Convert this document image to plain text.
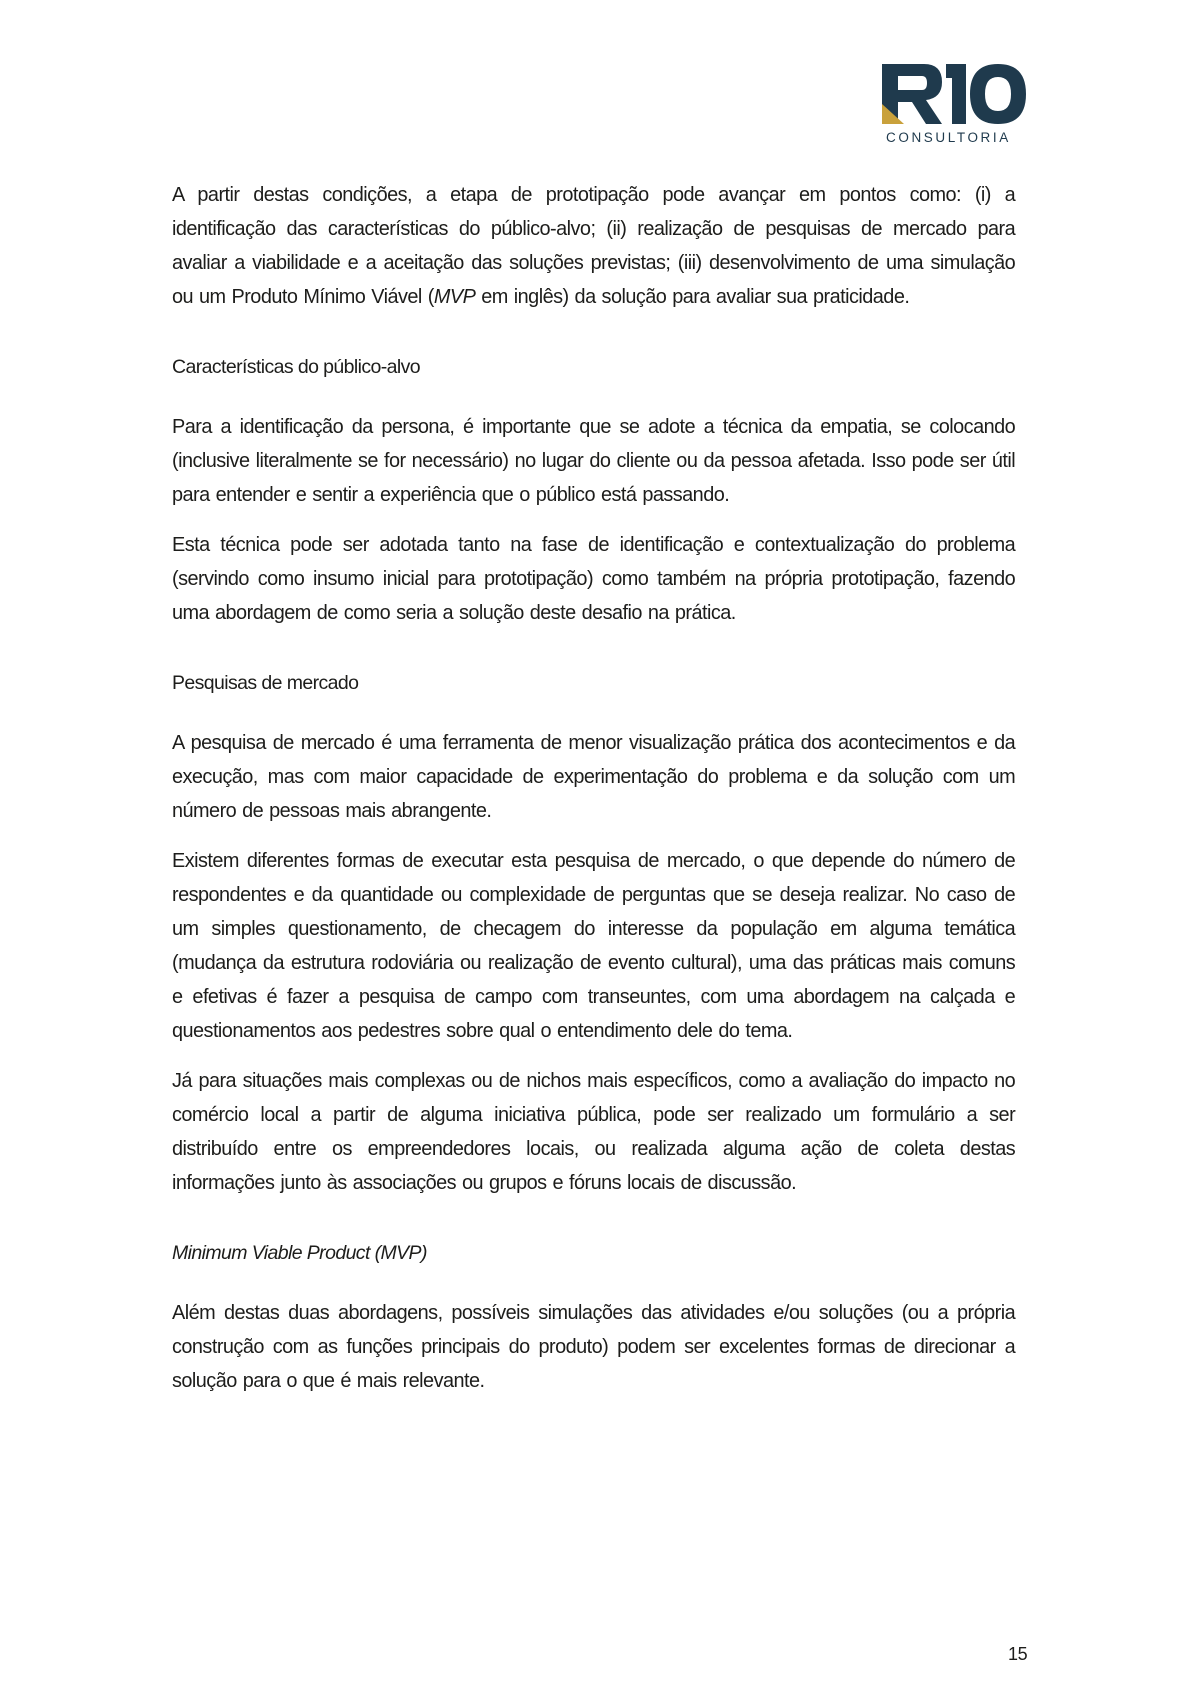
CONSULTORIA

A partir destas condições, a etapa de prototipação pode avançar em pontos como: (i) a identificação das características do público-alvo; (ii) realização de pesquisas de mercado para avaliar a viabilidade e a aceitação das soluções previstas; (iii) desenvolvimento de uma simulação ou um Produto Mínimo Viável (MVP em inglês) da solução para avaliar sua praticidade.

Características do público-alvo

Para a identificação da persona, é importante que se adote a técnica da empatia, se colocando (inclusive literalmente se for necessário) no lugar do cliente ou da pessoa afetada. Isso pode ser útil para entender e sentir a experiência que o público está passando.

Esta técnica pode ser adotada tanto na fase de identificação e contextualização do problema (servindo como insumo inicial para prototipação) como também na própria prototipação, fazendo uma abordagem de como seria a solução deste desafio na prática.

Pesquisas de mercado

A pesquisa de mercado é uma ferramenta de menor visualização prática dos acontecimentos e da execução, mas com maior capacidade de experimentação do problema e da solução com um número de pessoas mais abrangente.

Existem diferentes formas de executar esta pesquisa de mercado, o que depende do número de respondentes e da quantidade ou complexidade de perguntas que se deseja realizar. No caso de um simples questionamento, de checagem do interesse da população em alguma temática (mudança da estrutura rodoviária ou realização de evento cultural), uma das práticas mais comuns e efetivas é fazer a pesquisa de campo com transeuntes, com uma abordagem na calçada e questionamentos aos pedestres sobre qual o entendimento dele do tema.

Já para situações mais complexas ou de nichos mais específicos, como a avaliação do impacto no comércio local a partir de alguma iniciativa pública, pode ser realizado um formulário a ser distribuído entre os empreendedores locais, ou realizada alguma ação de coleta destas informações junto às associações ou grupos e fóruns locais de discussão.

Minimum Viable Product (MVP)

Além destas duas abordagens, possíveis simulações das atividades e/ou soluções (ou a própria construção com as funções principais do produto) podem ser excelentes formas de direcionar a solução para o que é mais relevante.

15
